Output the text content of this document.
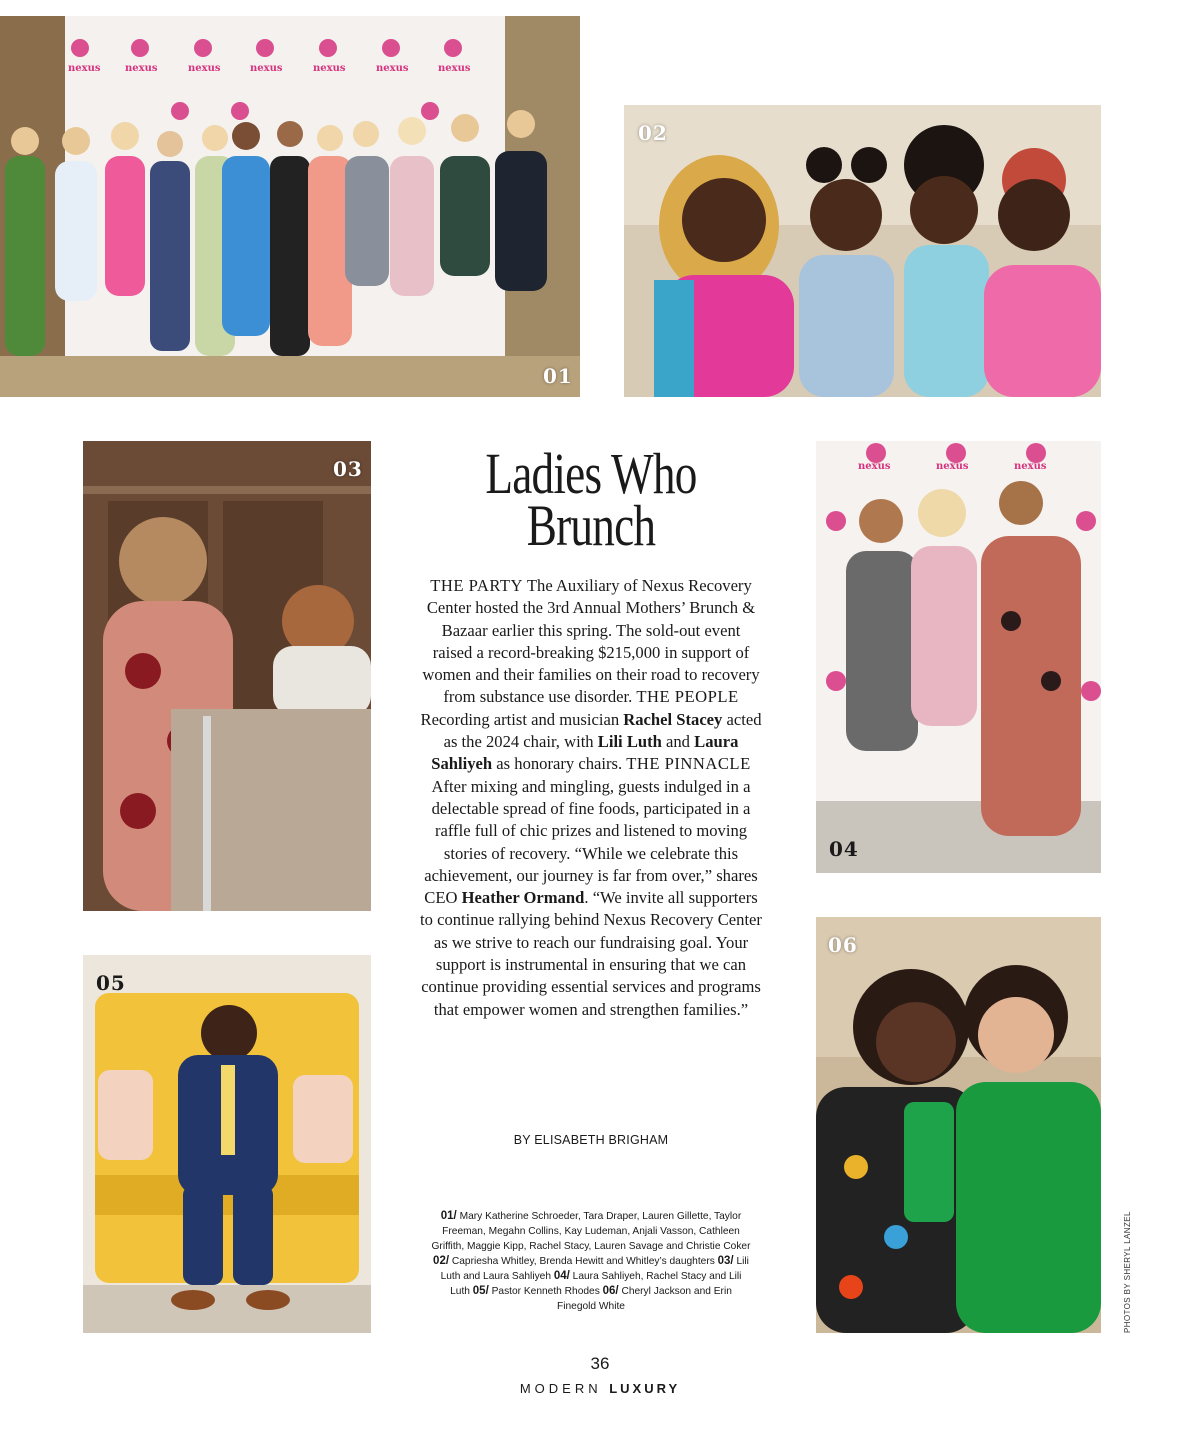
nexus nexus	nexus	nexus	nexus	nexus	nexus
01
02
03	nexus	nexus	nexus
04
05
06
Ladies Who
Brunch

THE PARTY The Auxiliary of Nexus Recovery Center hosted the 3rd Annual Mothers’ Brunch & Bazaar earlier this spring. The sold-out event raised a record-breaking $215,000 in support of women and their families on their road to recovery from substance use disorder. THE PEOPLE Recording artist and musician Rachel Stacey acted as the 2024 chair, with Lili Luth and Laura Sahliyeh as honorary chairs. THE PINNACLE After mixing and mingling, guests indulged in a delectable spread of fine foods, participated in a raffle full of chic prizes and listened to moving stories of recovery. “While we celebrate this achievement, our journey is far from over,” shares CEO Heather Ormand. “We invite all supporters to continue rallying behind Nexus Recovery Center as we strive to reach our fundraising goal. Your support is instrumental in ensuring that we can continue providing essential services and programs that empower women and strengthen families.”

BY ELISABETH BRIGHAM
01/ Mary Katherine Schroeder, Tara Draper, Lauren Gillette, Taylor Freeman, Megahn Collins, Kay Ludeman, Anjali Vasson, Cathleen Griffith, Maggie Kipp, Rachel Stacy, Lauren Savage and Christie Coker
02/ Capriesha Whitley, Brenda Hewitt and Whitley’s daughters 03/ Lili Luth and Laura Sahliyeh 04/ Laura Sahliyeh, Rachel Stacy and Lili Luth 05/ Pastor Kenneth Rhodes 06/ Cheryl Jackson and Erin Finegold White	PHOTOS BY SHERYL LANZEL
36
MODERN LUXURY
